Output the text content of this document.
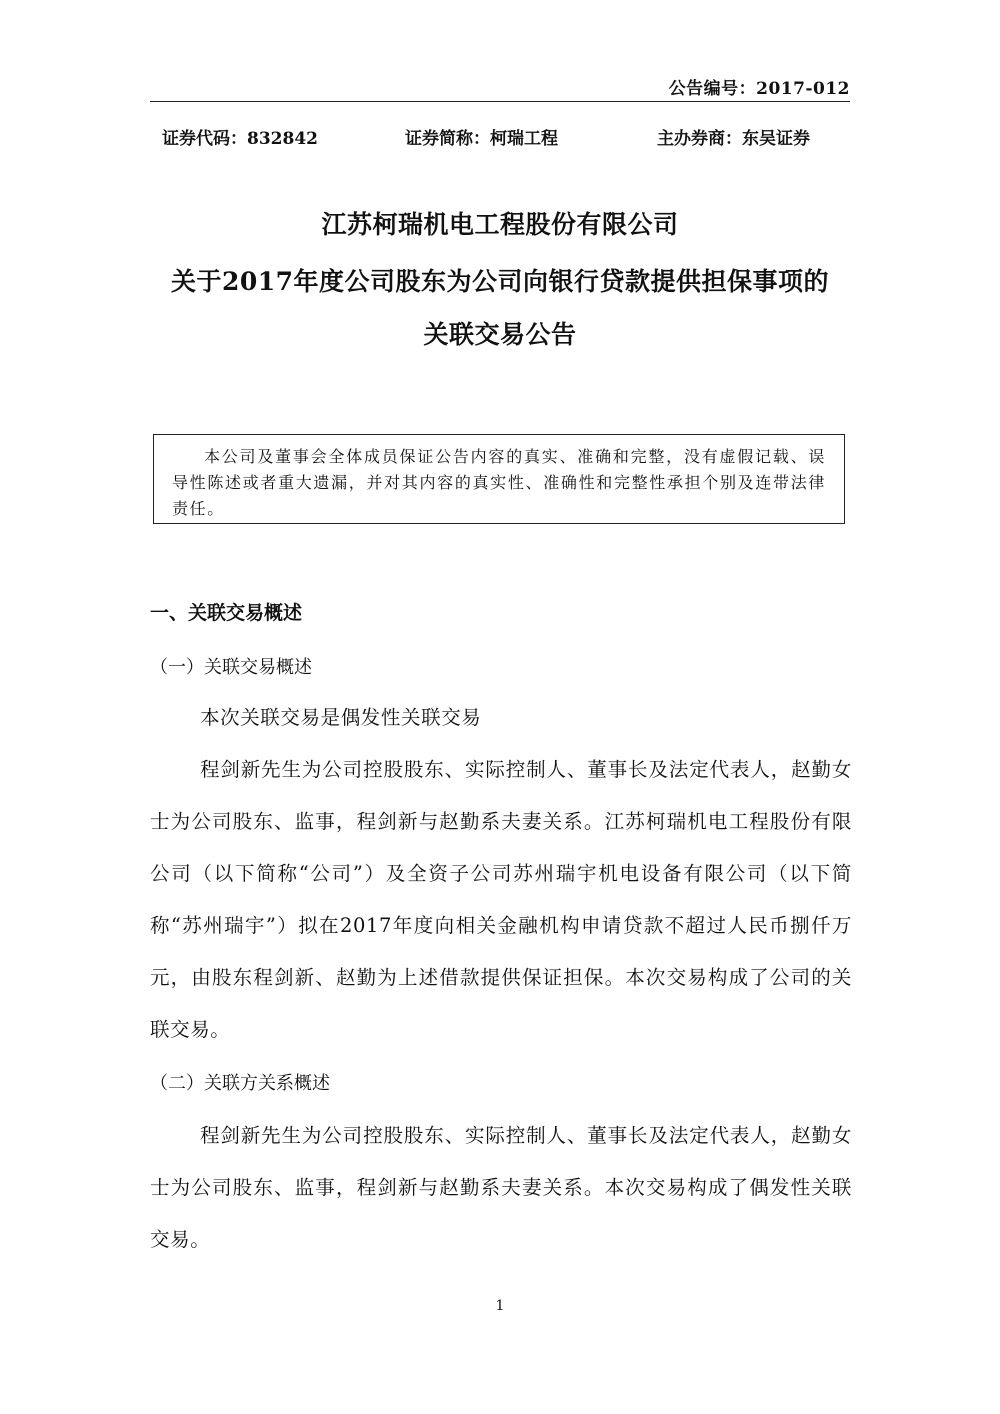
公告编号：2017-012
证券代码：832842	证券简称：柯瑞工程	主办券商：东吴证券
江苏柯瑞机电工程股份有限公司
关于2017年度公司股东为公司向银行贷款提供担保事项的
关联交易公告
本公司及董事会全体成员保证公告内容的真实、准确和完整，没有虚假记载、误导性陈述或者重大遗漏，并对其内容的真实性、准确性和完整性承担个别及连带法律责任。
一、关联交易概述
（一）关联交易概述
本次关联交易是偶发性关联交易
程剑新先生为公司控股股东、实际控制人、董事长及法定代表人，赵勤女士为公司股东、监事，程剑新与赵勤系夫妻关系。江苏柯瑞机电工程股份有限公司（以下简称“公司”）及全资子公司苏州瑞宇机电设备有限公司（以下简称“苏州瑞宇”）拟在2017年度向相关金融机构申请贷款不超过人民币捌仟万元，由股东程剑新、赵勤为上述借款提供保证担保。本次交易构成了公司的关联交易。
（二）关联方关系概述
程剑新先生为公司控股股东、实际控制人、董事长及法定代表人，赵勤女士为公司股东、监事，程剑新与赵勤系夫妻关系。本次交易构成了偶发性关联交易。
1
